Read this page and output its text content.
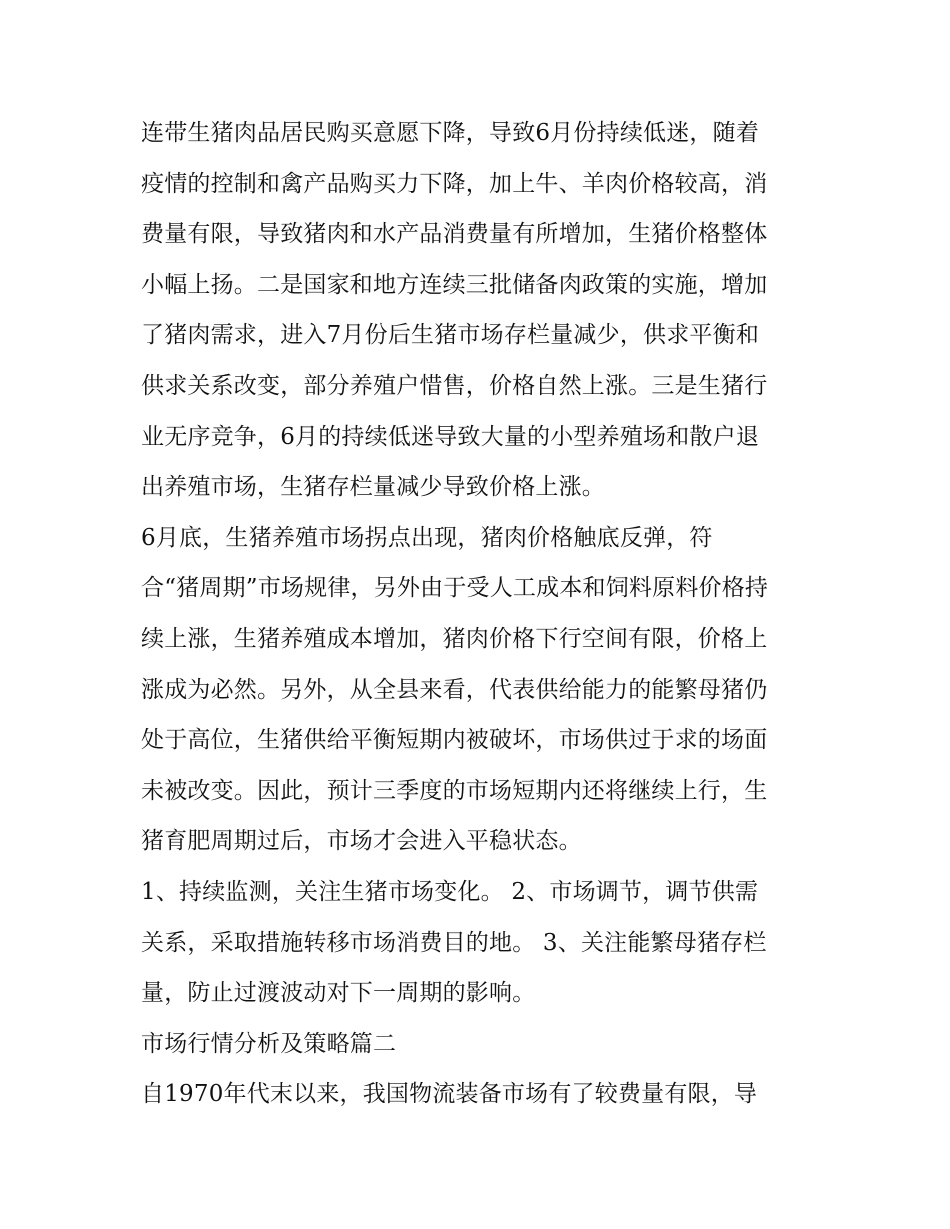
连带生猪肉品居民购买意愿下降，导致6月份持续低迷，随着
疫情的控制和禽产品购买力下降，加上牛、羊肉价格较高，消
费量有限，导致猪肉和水产品消费量有所增加，生猪价格整体
小幅上扬。二是国家和地方连续三批储备肉政策的实施，增加
了猪肉需求，进入7月份后生猪市场存栏量减少，供求平衡和
供求关系改变，部分养殖户惜售，价格自然上涨。三是生猪行
业无序竞争，6月的持续低迷导致大量的小型养殖场和散户退
出养殖市场，生猪存栏量减少导致价格上涨。
6月底，生猪养殖市场拐点出现，猪肉价格触底反弹，符
合“猪周期”市场规律，另外由于受人工成本和饲料原料价格持
续上涨，生猪养殖成本增加，猪肉价格下行空间有限，价格上
涨成为必然。另外，从全县来看，代表供给能力的能繁母猪仍
处于高位，生猪供给平衡短期内被破坏，市场供过于求的场面
未被改变。因此，预计三季度的市场短期内还将继续上行，生
猪育肥周期过后，市场才会进入平稳状态。
1、持续监测，关注生猪市场变化。 2、市场调节，调节供需
关系，采取措施转移市场消费目的地。 3、关注能繁母猪存栏
量，防止过渡波动对下一周期的影响。
市场行情分析及策略篇二
自1970年代末以来，我国物流装备市场有了较费量有限，导
